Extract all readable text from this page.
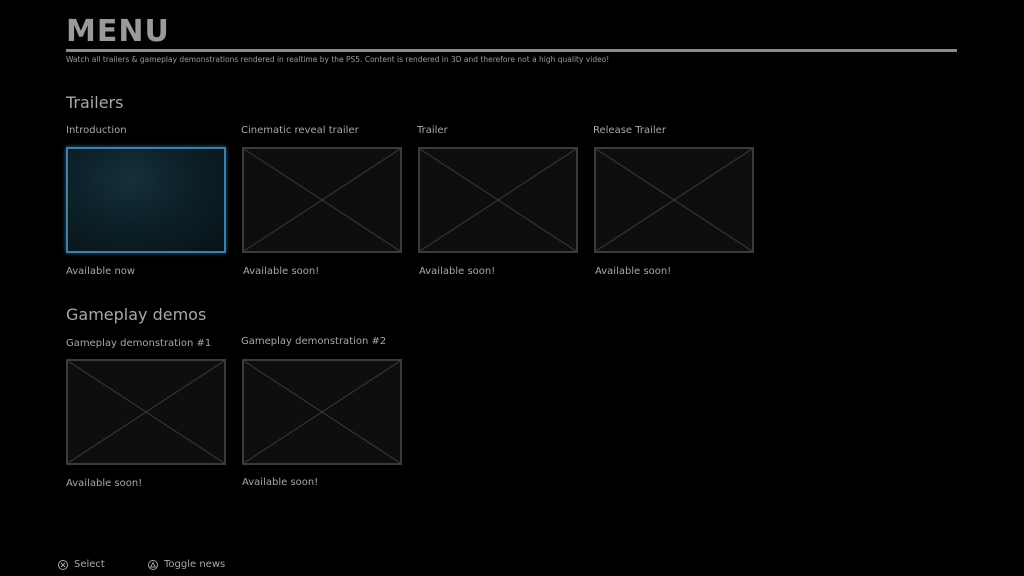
MENU
Watch all trailers & gameplay demonstrations rendered in realtime by the PS5. Content is rendered in 3D and therefore not a high quality video!
Trailers
Introduction	Cinematic reveal trailer	Trailer	Release Trailer
Available now	Available soon!	Available soon!	Available soon!
Gameplay demos
Gameplay demonstration #1	Gameplay demonstration #2
Available soon!	Available soon!
Select	Toggle news
